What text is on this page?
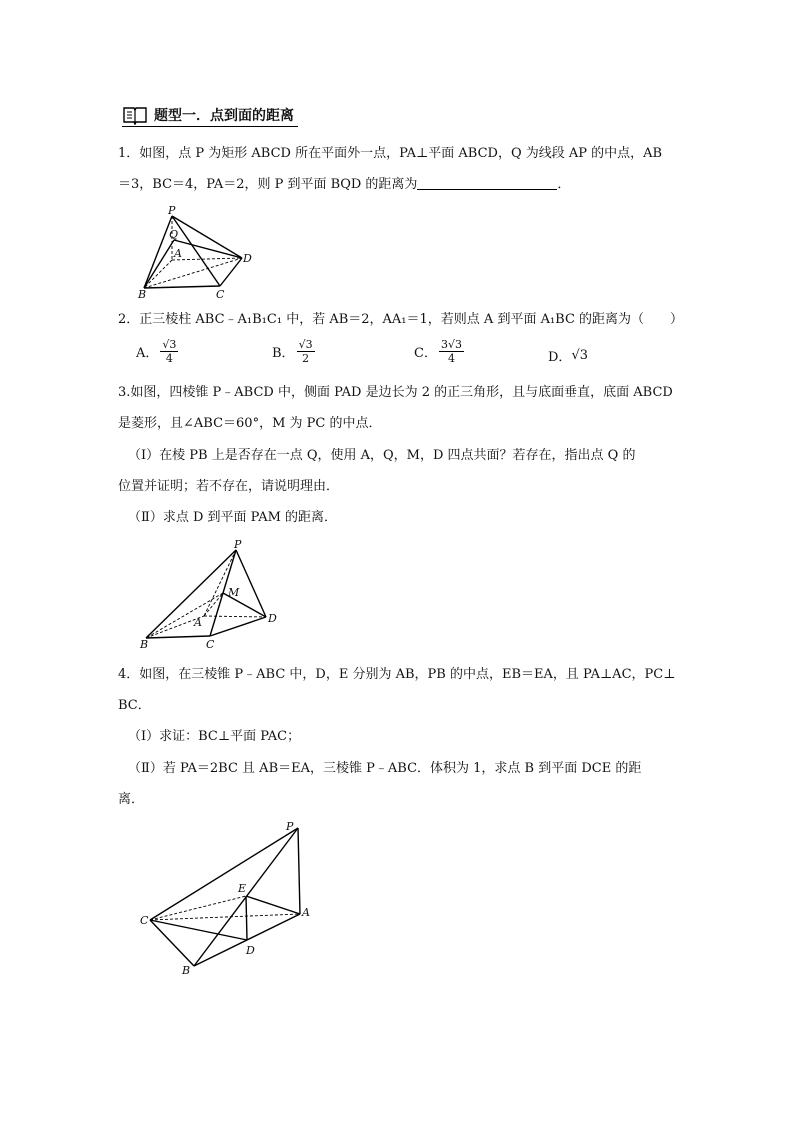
题型一．点到面的距离
1．如图，点 P 为矩形 ABCD 所在平面外一点，PA⊥平面 ABCD，Q 为线段 AP 的中点，AB
＝3，BC＝4，PA＝2，则 P 到平面 BQD 的距离为	．
P
Q
A
B	C
D
2．正三棱柱 ABC﹣A₁B₁C₁ 中，若 AB＝2，AA₁＝1，若则点 A 到平面 A₁BC 的距离为（　　）
A． $\frac{√3}{4}$	B． $\frac{√3}{2}$	C． $\frac{3√3}{4}$	D． √3
3.如图，四棱锥 P﹣ABCD 中，侧面 PAD 是边长为 2 的正三角形，且与底面垂直，底面 ABCD
是菱形，且∠ABC＝60°，M 为 PC 的中点．
（Ⅰ）在棱 PB 上是否存在一点 Q，使用 A，Q，M，D 四点共面？若存在，指出点 Q 的
位置并证明；若不存在，请说明理由．
（Ⅱ）求点 D 到平面 PAM 的距离．
P
M
A
B	C
D
4．如图，在三棱锥 P﹣ABC 中，D，E 分别为 AB，PB 的中点，EB＝EA，且 PA⊥AC，PC⊥
BC．
（Ⅰ）求证：BC⊥平面 PAC；
（Ⅱ）若 PA＝2BC 且 AB＝EA，三棱锥 P﹣ABC．体积为 1，求点 B 到平面 DCE 的距
离．
P
E
A
C
D
B
